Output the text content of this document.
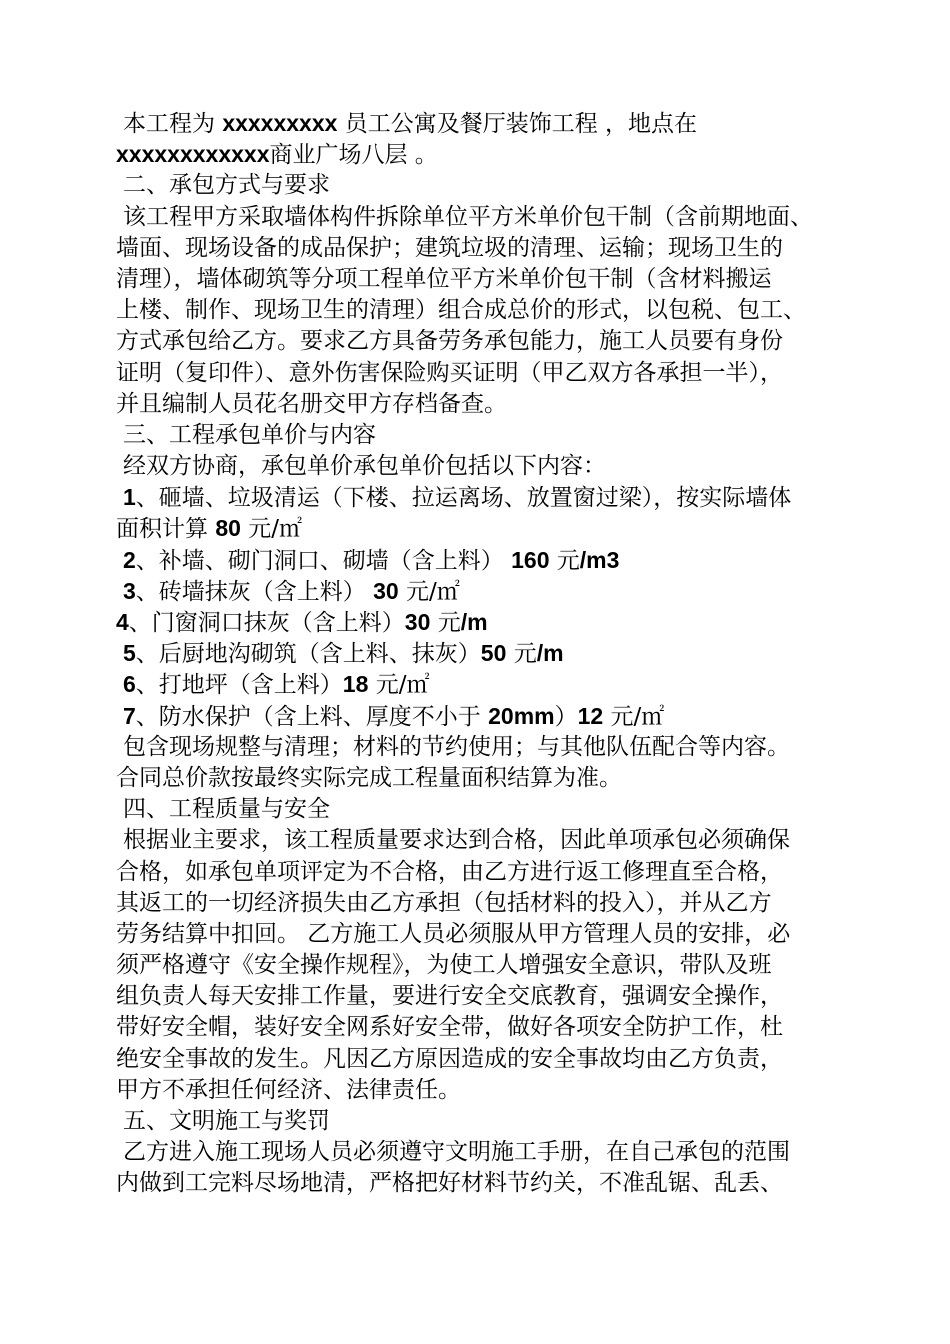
本工程为 xxxxxxxxx 员工公寓及餐厅装饰工程 ，地点在
xxxxxxxxxxxx商业广场八层 。
二、承包方式与要求
该工程甲方采取墙体构件拆除单位平方米单价包干制（含前期地面、
墙面、现场设备的成品保护；建筑垃圾的清理、运输；现场卫生的
清理），墙体砌筑等分项工程单位平方米单价包干制（含材料搬运
上楼、制作、现场卫生的清理）组合成总价的形式，以包税、包工、
方式承包给乙方。要求乙方具备劳务承包能力，施工人员要有身份
证明（复印件）、意外伤害保险购买证明（甲乙双方各承担一半），
并且编制人员花名册交甲方存档备查。
三、工程承包单价与内容
经双方协商，承包单价承包单价包括以下内容：
1、砸墙、垃圾清运（下楼、拉运离场、放置窗过梁），按实际墙体
面积计算 80 元/㎡
2、补墙、砌门洞口、砌墙（含上料） 160 元/m3
3、砖墙抹灰（含上料） 30 元/㎡
4、门窗洞口抹灰（含上料）30 元/m
5、后厨地沟砌筑（含上料、抹灰）50 元/m
6、打地坪（含上料）18 元/㎡
7、防水保护（含上料、厚度不小于 20mm）12 元/㎡
包含现场规整与清理；材料的节约使用；与其他队伍配合等内容。
合同总价款按最终实际完成工程量面积结算为准。
四、工程质量与安全
根据业主要求，该工程质量要求达到合格，因此单项承包必须确保
合格，如承包单项评定为不合格，由乙方进行返工修理直至合格，
其返工的一切经济损失由乙方承担（包括材料的投入），并从乙方
劳务结算中扣回。 乙方施工人员必须服从甲方管理人员的安排，必
须严格遵守《安全操作规程》，为使工人增强安全意识，带队及班
组负责人每天安排工作量，要进行安全交底教育，强调安全操作，
带好安全帽，装好安全网系好安全带，做好各项安全防护工作，杜
绝安全事故的发生。凡因乙方原因造成的安全事故均由乙方负责，
甲方不承担任何经济、法律责任。
五、文明施工与奖罚
乙方进入施工现场人员必须遵守文明施工手册，在自己承包的范围
内做到工完料尽场地清，严格把好材料节约关，不准乱锯、乱丢、
